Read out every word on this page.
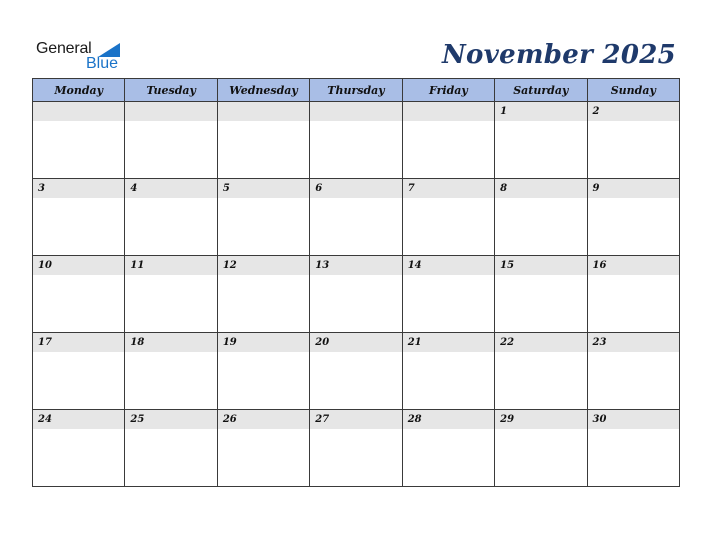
General
Blue	November 2025
Monday	Tuesday	Wednesday	Thursday	Friday	Saturday	Sunday

					1	2

3	4	5	6	7	8	9

10	11	12	13	14	15	16

17	18	19	20	21	22	23

24	25	26	27	28	29	30
